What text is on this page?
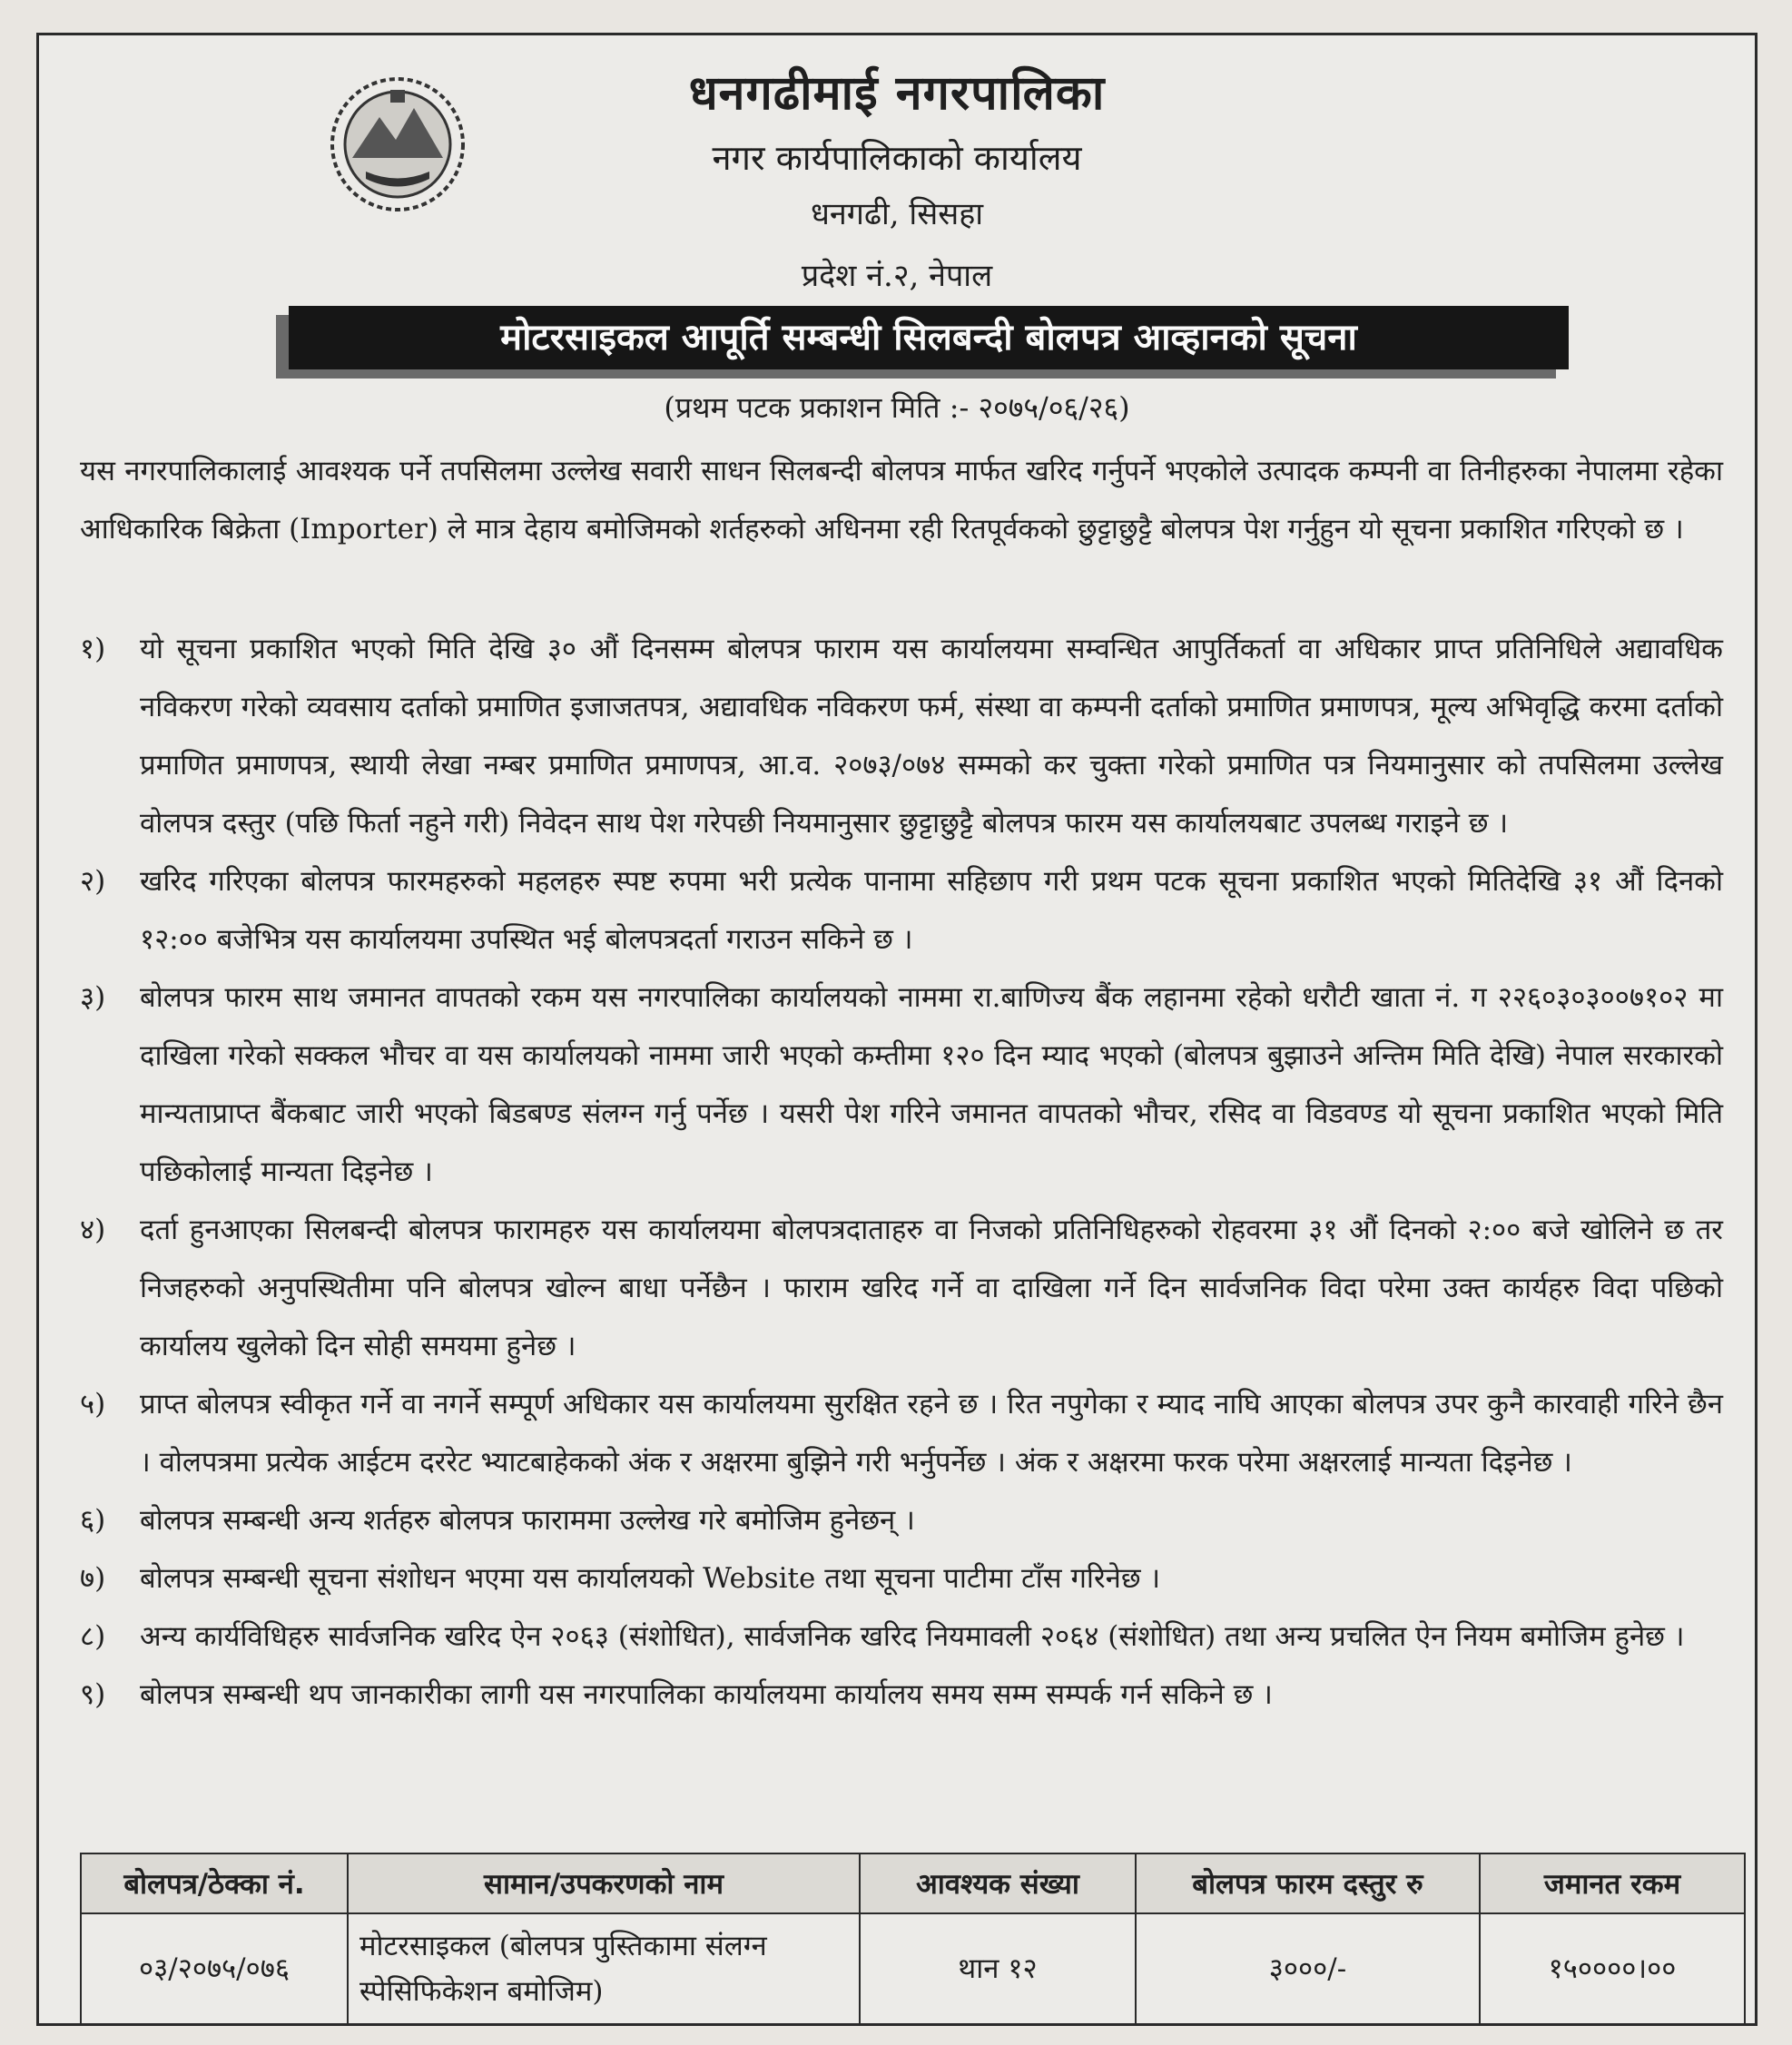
धनगढीमाई नगरपालिका
नगर कार्यपालिकाको कार्यालय
धनगढी, सिसहा
प्रदेश नं.२, नेपाल
मोटरसाइकल आपूर्ति सम्बन्धी सिलबन्दी बोलपत्र आव्हानको सूचना
(प्रथम पटक प्रकाशन मिति :- २०७५/०६/२६)
यस नगरपालिकालाई आवश्यक पर्ने तपसिलमा उल्लेख सवारी साधन सिलबन्दी बोलपत्र मार्फत खरिद गर्नुपर्ने भएकोले उत्पादक कम्पनी वा तिनीहरुका नेपालमा रहेका आधिकारिक बिक्रेता (Importer) ले मात्र देहाय बमोजिमको शर्तहरुको अधिनमा रही रितपूर्वकको छुट्टाछुट्टै बोलपत्र पेश गर्नुहुन यो सूचना प्रकाशित गरिएको छ ।
१)	यो सूचना प्रकाशित भएको मिति देखि ३० औं दिनसम्म बोलपत्र फाराम यस कार्यालयमा सम्वन्धित आपुर्तिकर्ता वा अधिकार प्राप्त प्रतिनिधिले अद्यावधिक नविकरण गरेको व्यवसाय दर्ताको प्रमाणित इजाजतपत्र, अद्यावधिक नविकरण फर्म, संस्था वा कम्पनी दर्ताको प्रमाणित प्रमाणपत्र, मूल्य अभिवृद्धि करमा दर्ताको प्रमाणित प्रमाणपत्र, स्थायी लेखा नम्बर प्रमाणित प्रमाणपत्र, आ.व. २०७३/०७४ सम्मको कर चुक्ता गरेको प्रमाणित पत्र नियमानुसार को तपसिलमा उल्लेख वोलपत्र दस्तुर (पछि फिर्ता नहुने गरी) निवेदन साथ पेश गरेपछी नियमानुसार छुट्टाछुट्टै बोलपत्र फारम यस कार्यालयबाट उपलब्ध गराइने छ ।
२)	खरिद गरिएका बोलपत्र फारमहरुको महलहरु स्पष्ट रुपमा भरी प्रत्येक पानामा सहिछाप गरी प्रथम पटक सूचना प्रकाशित भएको मितिदेखि ३१ औं दिनको १२:०० बजेभित्र यस कार्यालयमा उपस्थित भई बोलपत्रदर्ता गराउन सकिने छ ।
३)	बोलपत्र फारम साथ जमानत वापतको रकम यस नगरपालिका कार्यालयको नाममा रा.बाणिज्य बैंक लहानमा रहेको धरौटी खाता नं. ग २२६०३०३००७१०२ मा दाखिला गरेको सक्कल भौचर वा यस कार्यालयको नाममा जारी भएको कम्तीमा १२० दिन म्याद भएको (बोलपत्र बुझाउने अन्तिम मिति देखि) नेपाल सरकारको मान्यताप्राप्त बैंकबाट जारी भएको बिडबण्ड संलग्न गर्नु पर्नेछ । यसरी पेश गरिने जमानत वापतको भौचर, रसिद वा विडवण्ड यो सूचना प्रकाशित भएको मिति पछिकोलाई मान्यता दिइनेछ ।
४)	दर्ता हुनआएका सिलबन्दी बोलपत्र फारामहरु यस कार्यालयमा बोलपत्रदाताहरु वा निजको प्रतिनिधिहरुको रोहवरमा ३१ औं दिनको २:०० बजे खोलिने छ तर निजहरुको अनुपस्थितीमा पनि बोलपत्र खोल्न बाधा पर्नेछैन । फाराम खरिद गर्ने वा दाखिला गर्ने दिन सार्वजनिक विदा परेमा उक्त कार्यहरु विदा पछिको कार्यालय खुलेको दिन सोही समयमा हुनेछ ।
५)	प्राप्त बोलपत्र स्वीकृत गर्ने वा नगर्ने सम्पूर्ण अधिकार यस कार्यालयमा सुरक्षित रहने छ । रित नपुगेका र म्याद नाघि आएका बोलपत्र उपर कुनै कारवाही गरिने छैन । वोलपत्रमा प्रत्येक आईटम दररेट भ्याटबाहेकको अंक र अक्षरमा बुझिने गरी भर्नुपर्नेछ । अंक र अक्षरमा फरक परेमा अक्षरलाई मान्यता दिइनेछ ।
६)	बोलपत्र सम्बन्धी अन्य शर्तहरु बोलपत्र फाराममा उल्लेख गरे बमोजिम हुनेछन् ।
७)	बोलपत्र सम्बन्धी सूचना संशोधन भएमा यस कार्यालयको Website तथा सूचना पाटीमा टाँस गरिनेछ ।
८)	अन्य कार्यविधिहरु सार्वजनिक खरिद ऐन २०६३ (संशोधित), सार्वजनिक खरिद नियमावली २०६४ (संशोधित) तथा अन्य प्रचलित ऐन नियम बमोजिम हुनेछ ।
९)	बोलपत्र सम्बन्धी थप जानकारीका लागी यस नगरपालिका कार्यालयमा कार्यालय समय सम्म सम्पर्क गर्न सकिने छ ।
बोलपत्र/ठेक्का नं.	सामान/उपकरणको नाम	आवश्यक संख्या	बोलपत्र फारम दस्तुर रु	जमानत रकम
०३/२०७५/०७६	मोटरसाइकल (बोलपत्र पुस्तिकामा संलग्न स्पेसिफिकेशन बमोजिम)	थान १२	३०००/-	१५००००।००
